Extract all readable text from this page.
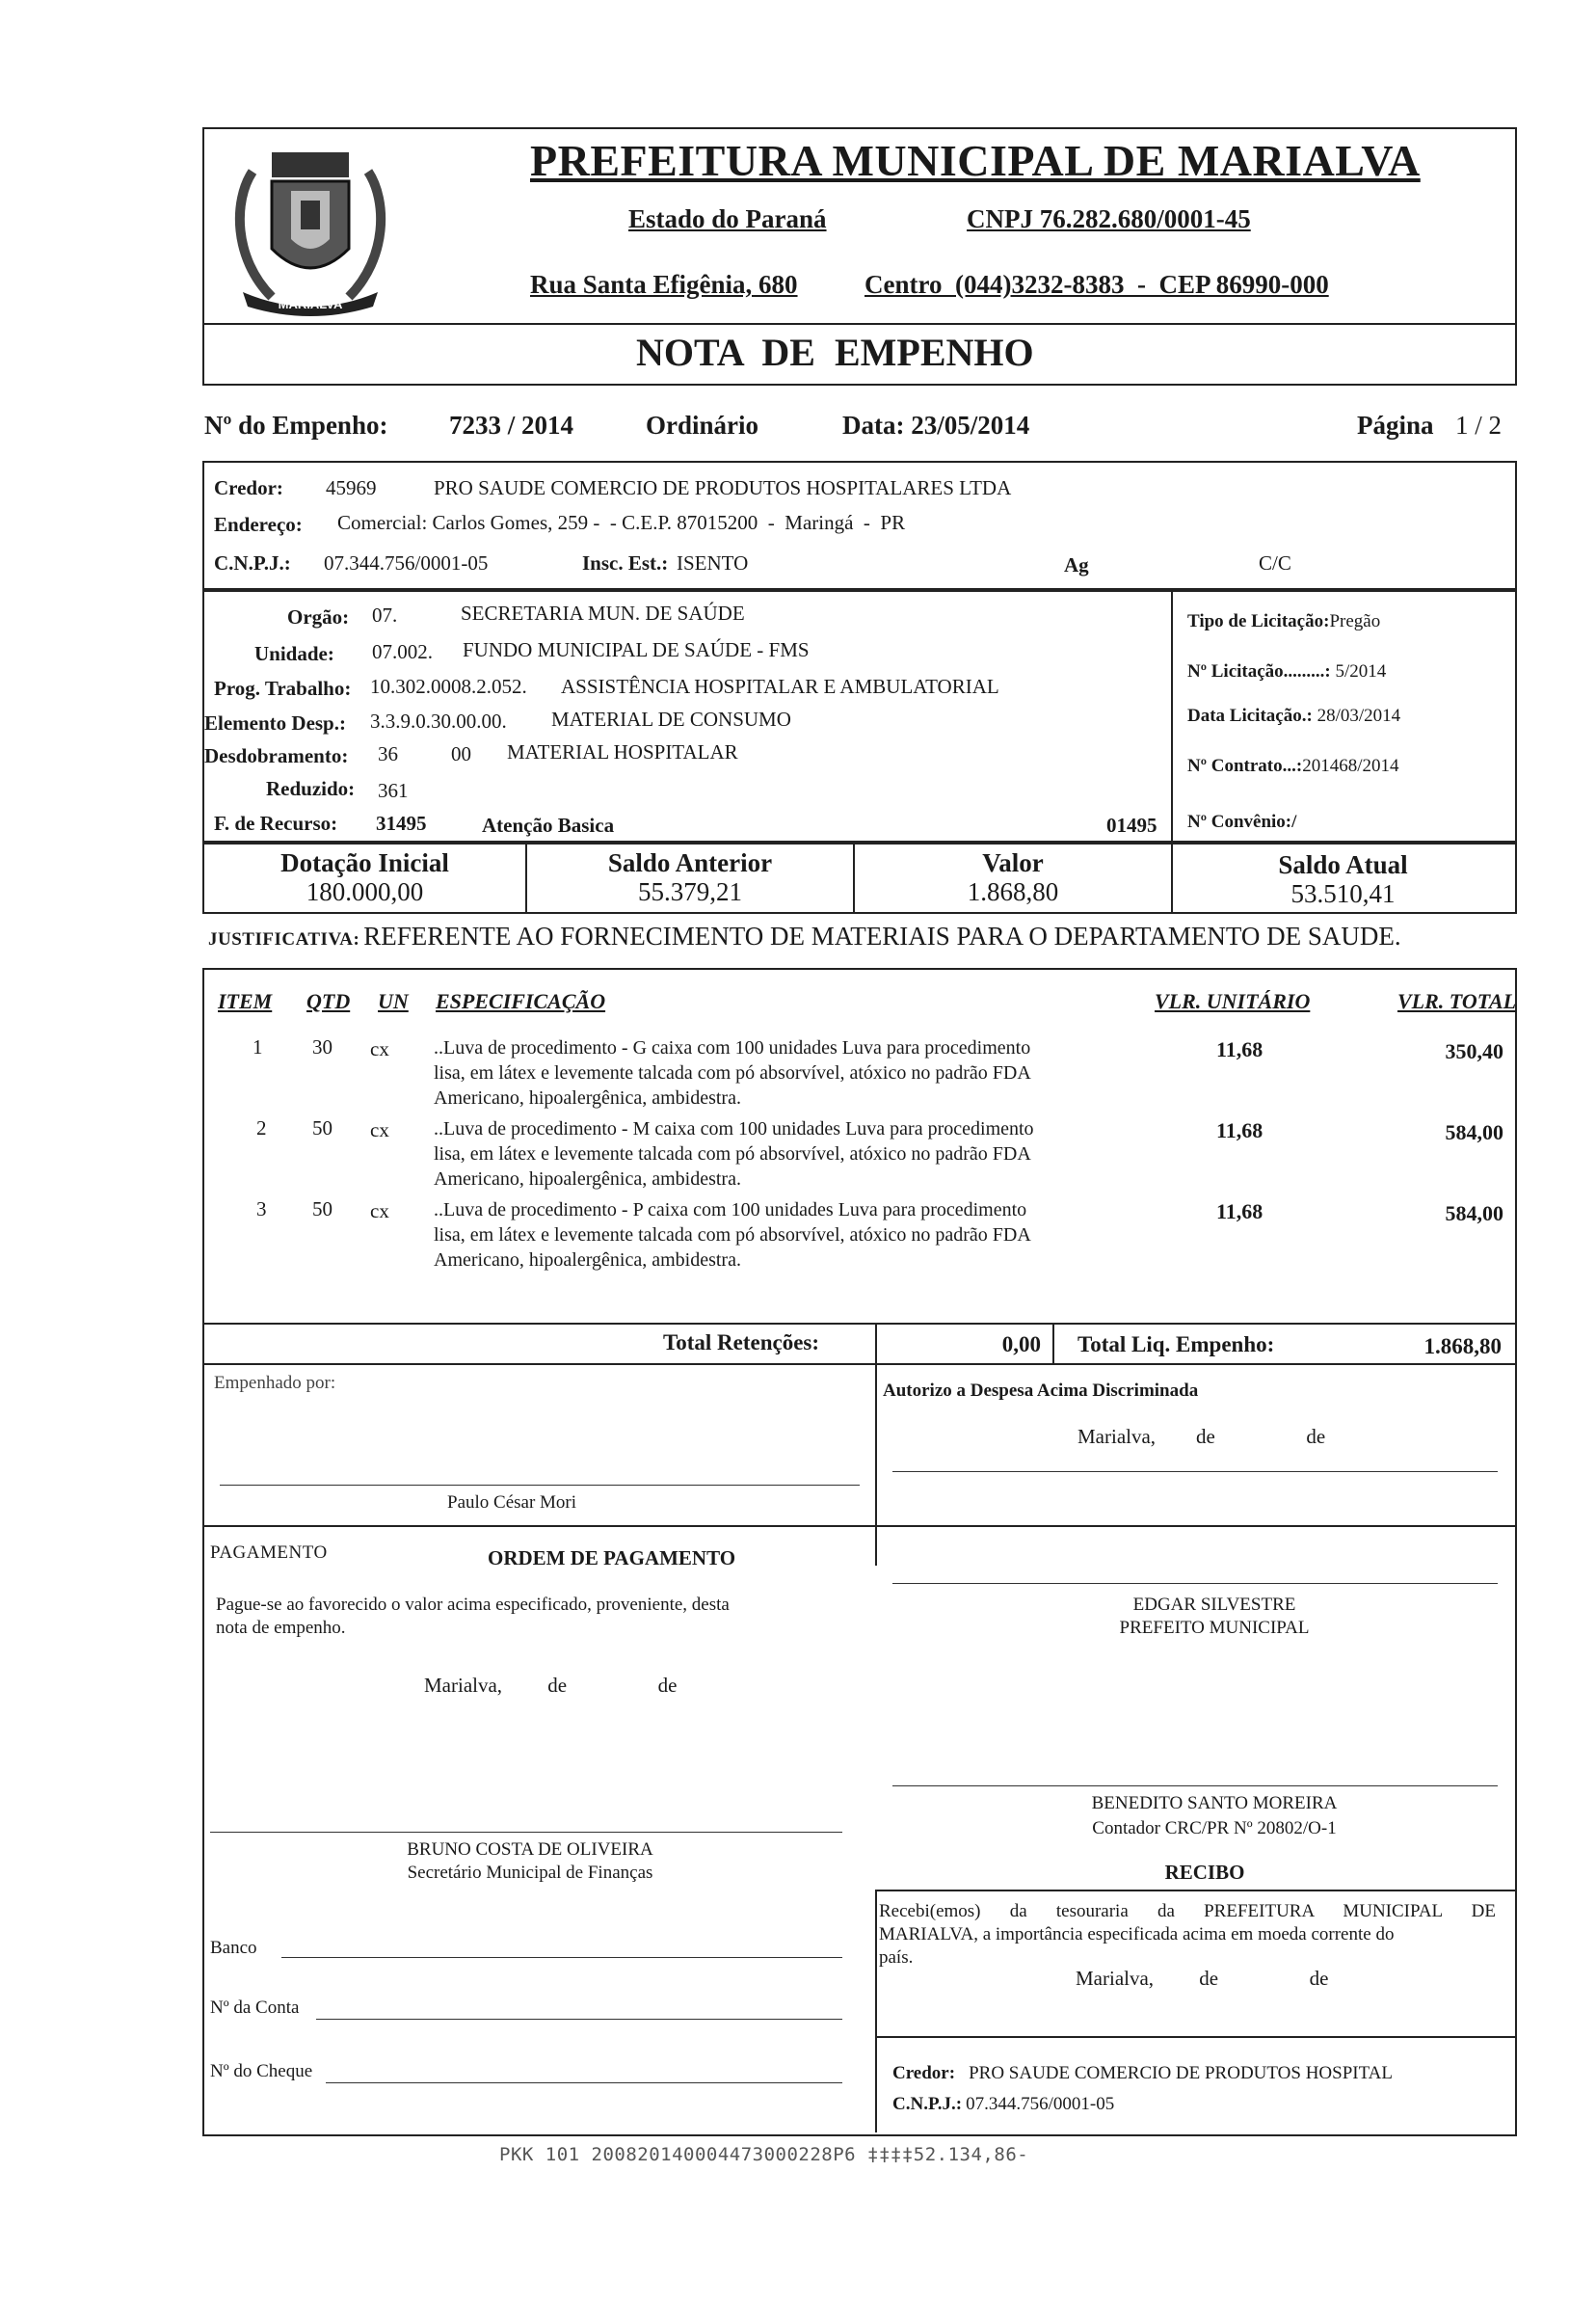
MARIALVA
PREFEITURA MUNICIPAL DE MARIALVA
Estado do Paraná	CNPJ 76.282.680/0001-45
Rua Santa Efigênia, 680	Centro  (044)3232-8383  -  CEP 86990-000
NOTA  DE  EMPENHO
Nº do Empenho: 7233 / 2014	Ordinário	Data: 23/05/2014	Página 1 / 2
Credor: 45969	PRO SAUDE COMERCIO DE PRODUTOS HOSPITALARES LTDA
Endereço: Comercial: Carlos Gomes, 259 -  - C.E.P. 87015200  -  Maringá  -  PR
C.N.P.J.: 07.344.756/0001-05	Insc. Est.: ISENTO	Ag	C/C
Orgão: 07.	SECRETARIA MUN. DE SAÚDE
Unidade: 07.002. FUNDO MUNICIPAL DE SAÚDE - FMS
Prog. Trabalho: 10.302.0008.2.052. ASSISTÊNCIA HOSPITALAR E AMBULATORIAL
Elemento Desp.: 3.3.9.0.30.00.00. MATERIAL DE CONSUMO
Desdobramento: 36	00 MATERIAL HOSPITALAR
Reduzido: 361
F. de Recurso: 31495	Atenção Basica	01495
Tipo de Licitação:Pregão
Nº Licitação.........: 5/2014
Data Licitação.: 28/03/2014
Nº Contrato...:201468/2014
Nº Convênio:/
Dotação Inicial
180.000,00
Saldo Anterior
55.379,21
Valor
1.868,80
Saldo Atual
53.510,41
JUSTIFICATIVA: REFERENTE AO FORNECIMENTO DE MATERIAIS PARA O DEPARTAMENTO DE SAUDE.
ITEM QTD UN ESPECIFICAÇÃO	VLR. UNITÁRIO	VLR. TOTAL
1 30 cx ..Luva de procedimento - G caixa com 100 unidades Luva para procedimento
lisa, em látex e levemente talcada com pó absorvível, atóxico no padrão FDA
Americano, hipoalergênica, ambidestra.
11,68	350,40
2 50 cx ..Luva de procedimento - M caixa com 100 unidades Luva para procedimento
lisa, em látex e levemente talcada com pó absorvível, atóxico no padrão FDA
Americano, hipoalergênica, ambidestra.
11,68	584,00
3 50 cx ..Luva de procedimento - P caixa com 100 unidades Luva para procedimento
lisa, em látex e levemente talcada com pó absorvível, atóxico no padrão FDA
Americano, hipoalergênica, ambidestra.
11,68	584,00
Total Retenções:	0,00 Total Liq. Empenho:	1.868,80
Empenhado por:	Autorizo a Despesa Acima Discriminada
Marialva, de	de
Paulo César Mori
PAGAMENTO	ORDEM DE PAGAMENTO
Pague-se ao favorecido o valor acima especificado, proveniente, desta
nota de empenho.
Marialva, de	de
EDGAR SILVESTRE
PREFEITO MUNICIPAL
BENEDITO SANTO MOREIRA
Contador CRC/PR Nº 20802/O-1
BRUNO COSTA DE OLIVEIRA
Secretário Municipal de Finanças	RECIBO
Recebi(emos) da tesouraria da PREFEITURA MUNICIPAL DE
MARIALVA, a importância especificada acima em moeda corrente do
país.
Marialva, de	de
Banco
Nº da Conta
Nº do Cheque	Credor: PRO SAUDE COMERCIO DE PRODUTOS HOSPITAL
C.N.P.J.: 07.344.756/0001-05
PKK 101 200820140004473000228P6 ‡‡‡‡52.134,86-
